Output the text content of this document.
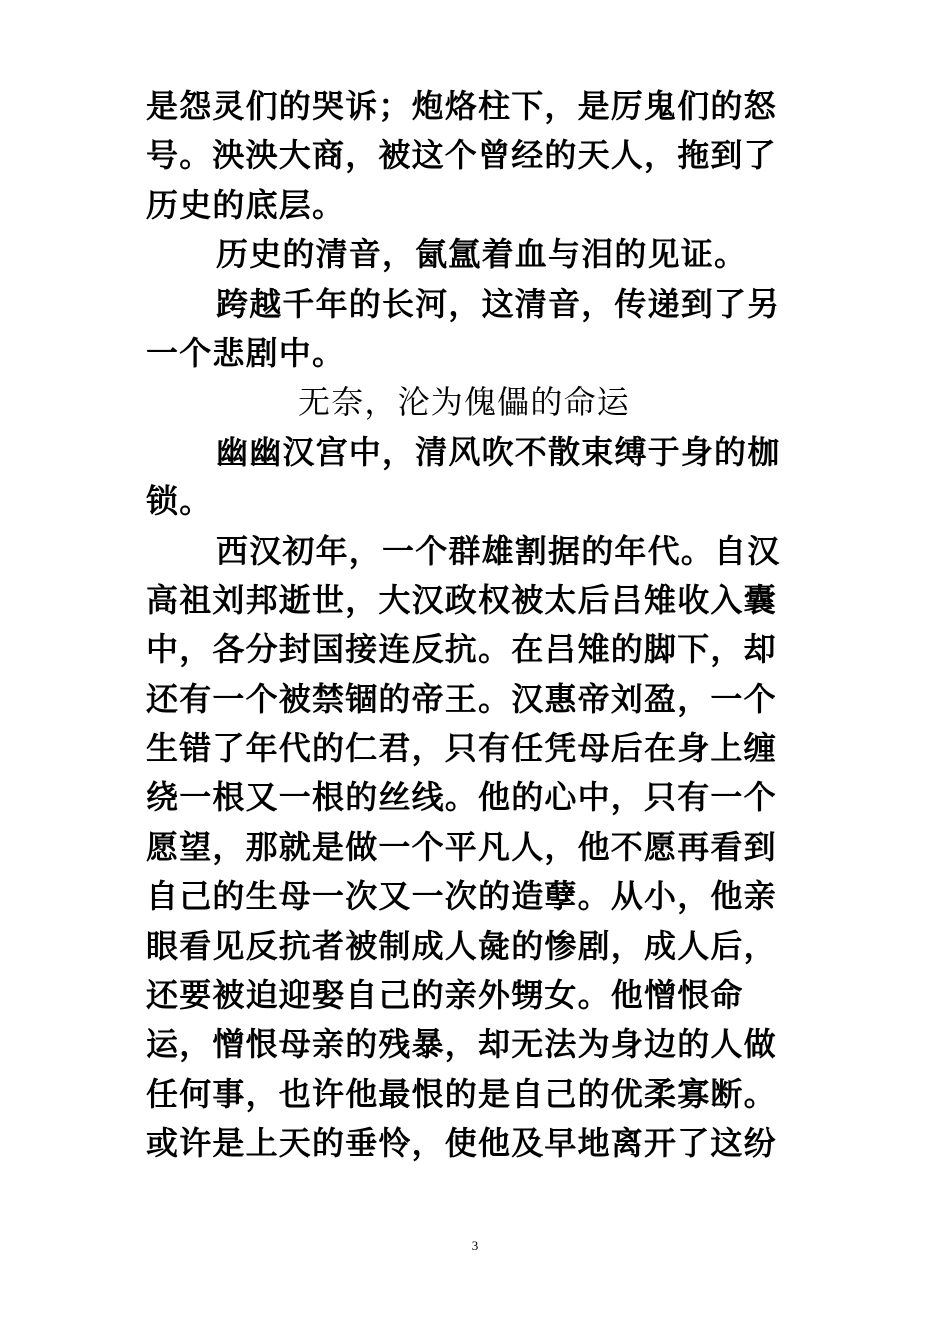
是怨灵们的哭诉；炮烙柱下，是厉鬼们的怒
号。泱泱大商，被这个曾经的天人，拖到了
历史的底层。
历史的清音，氤氲着血与泪的见证。
跨越千年的长河，这清音，传递到了另
一个悲剧中。
无奈，沦为傀儡的命运
幽幽汉宫中，清风吹不散束缚于身的枷
锁。
西汉初年，一个群雄割据的年代。自汉
高祖刘邦逝世，大汉政权被太后吕雉收入囊
中，各分封国接连反抗。在吕雉的脚下，却
还有一个被禁锢的帝王。汉惠帝刘盈，一个
生错了年代的仁君，只有任凭母后在身上缠
绕一根又一根的丝线。他的心中，只有一个
愿望，那就是做一个平凡人，他不愿再看到
自己的生母一次又一次的造孽。从小，他亲
眼看见反抗者被制成人彘的惨剧，成人后，
还要被迫迎娶自己的亲外甥女。他憎恨命
运，憎恨母亲的残暴，却无法为身边的人做
任何事，也许他最恨的是自己的优柔寡断。
或许是上天的垂怜，使他及早地离开了这纷
3
